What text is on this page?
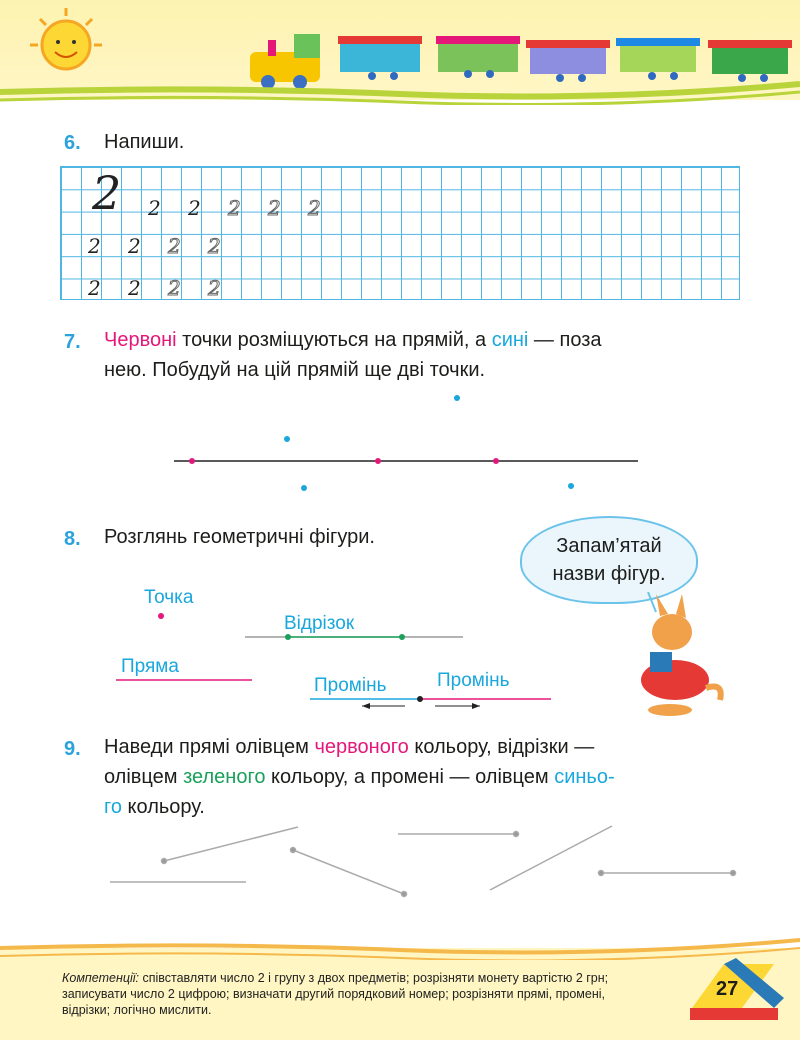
6. Напиши.
2 2 2 2 2 2
2 2 2 2
2 2 2 2
7. Червоні точки розміщуються на прямій, а сині — поза
нею. Побудуй на цій прямій ще дві точки.
8. Розглянь геометричні фігури.	Запам’ятай
назви фігур.
Точка
Відрізок
Пряма
Промінь	Промінь
9. Наведи прямі олівцем червоного кольору, відрізки —
олівцем зеленого кольору, а промені — олівцем синьо-
го кольору.
Компетенції: співставляти число 2 і групу з двох предметів; розрізняти монету вартістю 2 грн; записувати число 2 цифрою; визначати другий порядковий номер; розрізняти прямі, промені, відрізки; логічно мислити.
27
